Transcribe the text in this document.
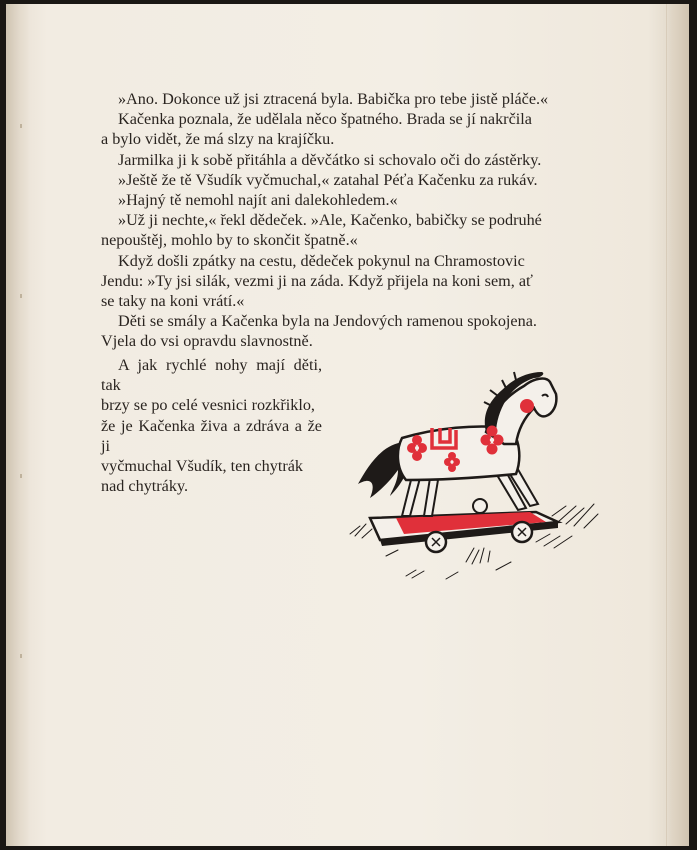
»Ano. Dokonce už jsi ztracená byla. Babička pro tebe jistě pláče.«

Kačenka poznala, že udělala něco špatného. Brada se jí nakrčila

a bylo vidět, že má slzy na krajíčku.

Jarmilka ji k sobě přitáhla a děvčátko si schovalo oči do zástěrky.

»Ještě že tě Všudík vyčmuchal,« zatahal Péťa Kačenku za rukáv.

»Hajný tě nemohl najít ani dalekohledem.«

»Už ji nechte,« řekl dědeček. »Ale, Kačenko, babičky se podruhé

nepouštěj, mohlo by to skončit špatně.«

Když došli zpátky na cestu, dědeček pokynul na Chramostovic

Jendu: »Ty jsi silák, vezmi ji na záda. Když přijela na koni sem, ať

se taky na koni vrátí.«

Děti se smály a Kačenka byla na Jendových ramenou spokojena.

Vjela do vsi opravdu slavnostně.

A jak rychlé nohy mají děti, tak

brzy se po celé vesnici rozkřiklo,

že je Kačenka živa a zdráva a že ji

vyčmuchal Všudík, ten chytrák

nad chytráky.
